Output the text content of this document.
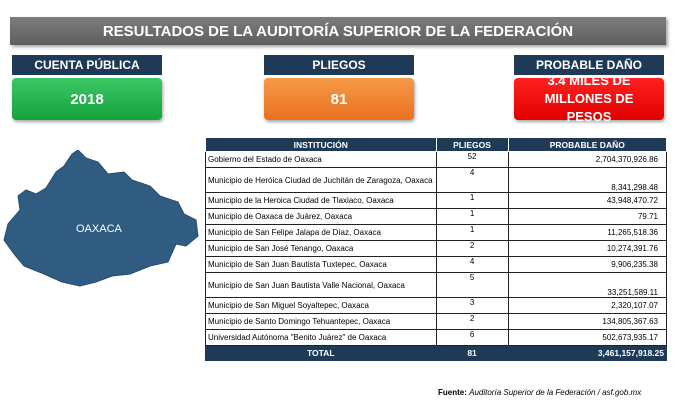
RESULTADOS DE LA AUDITORÍA SUPERIOR DE LA FEDERACIÓN
CUENTA PÚBLICA	PLIEGOS	PROBABLE DAÑO
2018	81
3.4 MILES DE MILLONES DE PESOS
OAXACA
INSTITUCIÓN	PLIEGOS	PROBABLE DAÑO
Gobierno del Estado de Oaxaca	52	2,704,370,926.86
Municipio de Heróica Ciudad de Juchitán de Zaragoza, Oaxaca	4	8,341,298.48
Municipio de la Heroica Ciudad de Tlaxiaco, Oaxaca	1	43,948,470.72
Municipio de Oaxaca de Juárez, Oaxaca	1	79.71
Municipio de San Felipe Jalapa de Díaz, Oaxaca	1	11,265,518.36
Municipio de San José Tenango, Oaxaca	2	10,274,391.76
Municipio de San Juan Bautista Tuxtepec, Oaxaca	4	9,906,235.38
Municipio de San Juan Bautista Valle Nacional, Oaxaca	5	33,251,589.11
Municipio de San Miguel Soyaltepec, Oaxaca	3	2,320,107.07
Municipio de Santo Domingo Tehuantepec, Oaxaca	2	134,805,367.63
Universidad Autónoma "Benito Juárez" de Oaxaca	6	502,673,935.17
TOTAL	81	3,461,157,918.25
Fuente: Auditoría Superior de la Federación / asf.gob.mx
